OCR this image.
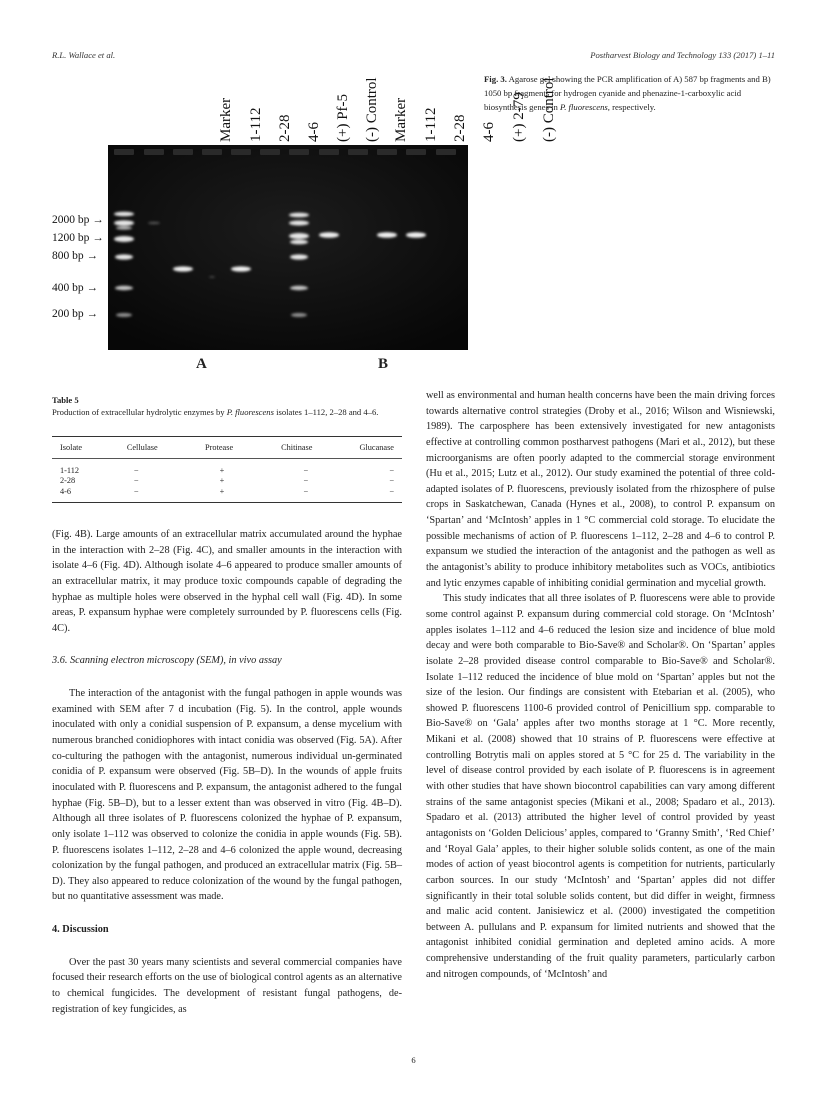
R.L. Wallace et al.	Postharvest Biology and Technology 133 (2017) 1–11
Marker 1-112 2-28 4-6 (+) Pf-5 (-) Control Marker 1-112 2-28 4-6 (+) 2-79 (-) Control
2000 bp →
1200 bp →
800 bp →
400 bp →
200 bp →
A	B
Fig. 3. Agarose gel showing the PCR amplification of A) 587 bp fragments and B) 1050 bp fragments for hydrogen cyanide and phenazine-1-carboxylic acid biosynthesis genes in P. fluorescens, respectively.
Table 5
Production of extracellular hydrolytic enzymes by P. fluorescens isolates 1–112, 2–28 and 4–6.
Isolate	Cellulase	Protease	Chitinase	Glucanase
1-112	−	+	−	−
2-28	−	+	−	−
4-6	−	+	−	−

(Fig. 4B). Large amounts of an extracellular matrix accumulated around the hyphae in the interaction with 2–28 (Fig. 4C), and smaller amounts in the interaction with isolate 4–6 (Fig. 4D). Although isolate 4–6 appeared to produce smaller amounts of an extracellular matrix, it may produce toxic compounds capable of degrading the hyphae as multiple holes were observed in the hyphal cell wall (Fig. 4D). In some areas, P. expansum hyphae were completely surrounded by P. fluorescens cells (Fig. 4C).

3.6. Scanning electron microscopy (SEM), in vivo assay

The interaction of the antagonist with the fungal pathogen in apple wounds was examined with SEM after 7 d incubation (Fig. 5). In the control, apple wounds inoculated with only a conidial suspension of P. expansum, a dense mycelium with numerous branched conidiophores with intact conidia was observed (Fig. 5A). After co-culturing the pathogen with the antagonist, numerous individual un-germinated conidia of P. expansum were observed (Fig. 5B–D). In the wounds of apple fruits inoculated with P. fluorescens and P. expansum, the antagonist adhered to the fungal hyphae (Fig. 5B–D), but to a lesser extent than was observed in vitro (Fig. 4B–D). Although all three isolates of P. fluorescens colonized the hyphae of P. expansum, only isolate 1–112 was observed to colonize the conidia in apple wounds (Fig. 5B). P. fluorescens isolates 1–112, 2–28 and 4–6 colonized the apple wound, decreasing colonization by the fungal pathogen, and produced an extracellular matrix (Fig. 5B–D). They also appeared to reduce colonization of the wound by the fungal pathogen, but no quantitative assessment was made.

4. Discussion

Over the past 30 years many scientists and several commercial companies have focused their research efforts on the use of biological control agents as an alternative to chemical fungicides. The development of resistant fungal pathogens, de-registration of key fungicides, as

well as environmental and human health concerns have been the main driving forces towards alternative control strategies (Droby et al., 2016; Wilson and Wisniewski, 1989). The carposphere has been extensively investigated for new antagonists effective at controlling common postharvest pathogens (Mari et al., 2012), but these microorganisms are often poorly adapted to the commercial storage environment (Hu et al., 2015; Lutz et al., 2012). Our study examined the potential of three cold-adapted isolates of P. fluorescens, previously isolated from the rhizosphere of pulse crops in Saskatchewan, Canada (Hynes et al., 2008), to control P. expansum on ‘Spartan’ and ‘McIntosh’ apples in 1 °C commercial cold storage. To elucidate the possible mechanisms of action of P. fluorescens 1–112, 2–28 and 4–6 to control P. expansum we studied the interaction of the antagonist and the pathogen as well as the antagonist’s ability to produce inhibitory metabolites such as VOCs, antibiotics and lytic enzymes capable of inhibiting conidial germination and mycelial growth.

This study indicates that all three isolates of P. fluorescens were able to provide some control against P. expansum during commercial cold storage. On ‘McIntosh’ apples isolates 1–112 and 4–6 reduced the lesion size and incidence of blue mold decay and were both comparable to Bio-Save® and Scholar®. On ‘Spartan’ apples isolate 2–28 provided disease control comparable to Bio-Save® and Scholar®. Isolate 1–112 reduced the incidence of blue mold on ‘Spartan’ apples but not the size of the lesion. Our findings are consistent with Etebarian et al. (2005), who showed P. fluorescens 1100-6 provided control of Penicillium spp. comparable to Bio-Save® on ‘Gala’ apples after two months storage at 1 °C. More recently, Mikani et al. (2008) showed that 10 strains of P. fluorescens were effective at controlling Botrytis mali on apples stored at 5 °C for 25 d. The variability in the level of disease control provided by each isolate of P. fluorescens is in agreement with other studies that have shown biocontrol capabilities can vary among different strains of the same antagonist species (Mikani et al., 2008; Spadaro et al., 2013). Spadaro et al. (2013) attributed the higher level of control provided by yeast antagonists on ‘Golden Delicious’ apples, compared to ‘Granny Smith’, ‘Red Chief’ and ‘Royal Gala’ apples, to their higher soluble solids content, as one of the main modes of action of yeast biocontrol agents is competition for nutrients, particularly carbon sources. In our study ‘McIntosh’ and ‘Spartan’ apples did not differ significantly in their total soluble solids content, but did differ in weight, firmness and malic acid content. Janisiewicz et al. (2000) investigated the competition between A. pullulans and P. expansum for limited nutrients and showed that the antagonist inhibited conidial germination and depleted amino acids. A more comprehensive understanding of the fruit quality parameters, particularly carbon and nitrogen compounds, of ‘McIntosh’ and

6
